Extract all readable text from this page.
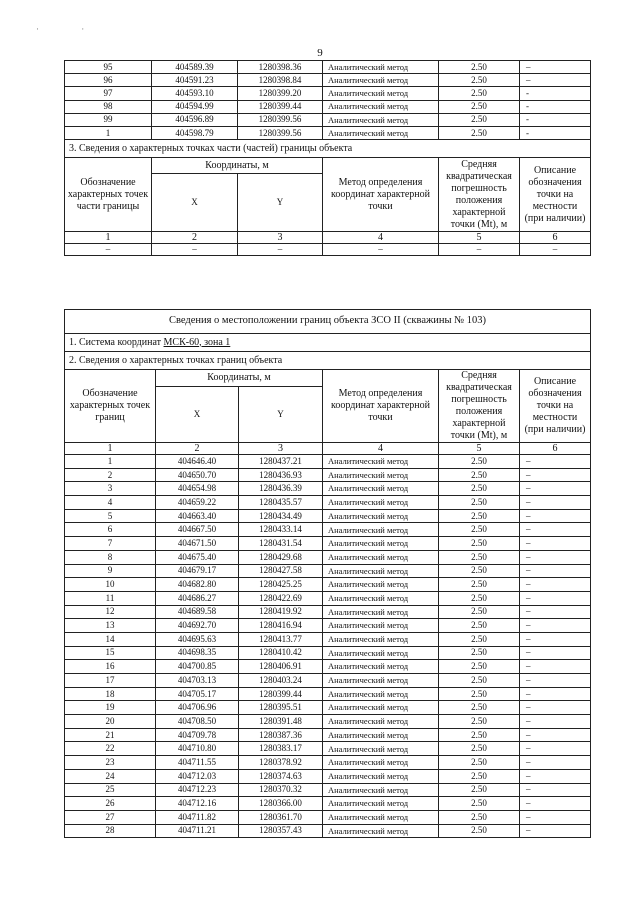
· ·
9
95	404589.39	1280398.36	Аналитический метод	2.50	–
96	404591.23	1280398.84	Аналитический метод	2.50	–
97	404593.10	1280399.20	Аналитический метод	2.50	-
98	404594.99	1280399.44	Аналитический метод	2.50	-
99	404596.89	1280399.56	Аналитический метод	2.50	-
1	404598.79	1280399.56	Аналитический метод	2.50	-
3. Сведения о характерных точках части (частей) границы объекта					
Обозначение характерных точек части границы	Координаты, м		Метод определения координат характерной точки	Средняя квадратическая погрешность положения характерной точки (Mt), м	Описание обозначения точки на местности (при наличии)
	X	Y			
1	2	3	4	5	6
–	–	–	–	–	–
Сведения о местоположении границ объекта ЗСО II (скважины № 103)					
1. Система координат МСК-60, зона 1					
2. Сведения о характерных точках границ объекта					
Обозначение характерных точек границ	Координаты, м		Метод определения координат характерной точки	Средняя квадратическая погрешность положения характерной точки (Mt), м	Описание обозначения точки на местности (при наличии)
	X	Y			
1	2	3	4	5	6
1	404646.40	1280437.21	Аналитический метод	2.50	–
2	404650.70	1280436.93	Аналитический метод	2.50	–
3	404654.98	1280436.39	Аналитический метод	2.50	–
4	404659.22	1280435.57	Аналитический метод	2.50	–
5	404663.40	1280434.49	Аналитический метод	2.50	–
6	404667.50	1280433.14	Аналитический метод	2.50	–
7	404671.50	1280431.54	Аналитический метод	2.50	–
8	404675.40	1280429.68	Аналитический метод	2.50	–
9	404679.17	1280427.58	Аналитический метод	2.50	–
10	404682.80	1280425.25	Аналитический метод	2.50	–
11	404686.27	1280422.69	Аналитический метод	2.50	–
12	404689.58	1280419.92	Аналитический метод	2.50	–
13	404692.70	1280416.94	Аналитический метод	2.50	–
14	404695.63	1280413.77	Аналитический метод	2.50	–
15	404698.35	1280410.42	Аналитический метод	2.50	–
16	404700.85	1280406.91	Аналитический метод	2.50	–
17	404703.13	1280403.24	Аналитический метод	2.50	–
18	404705.17	1280399.44	Аналитический метод	2.50	–
19	404706.96	1280395.51	Аналитический метод	2.50	–
20	404708.50	1280391.48	Аналитический метод	2.50	–
21	404709.78	1280387.36	Аналитический метод	2.50	–
22	404710.80	1280383.17	Аналитический метод	2.50	–
23	404711.55	1280378.92	Аналитический метод	2.50	–
24	404712.03	1280374.63	Аналитический метод	2.50	–
25	404712.23	1280370.32	Аналитический метод	2.50	–
26	404712.16	1280366.00	Аналитический метод	2.50	–
27	404711.82	1280361.70	Аналитический метод	2.50	–
28	404711.21	1280357.43	Аналитический метод	2.50	–
